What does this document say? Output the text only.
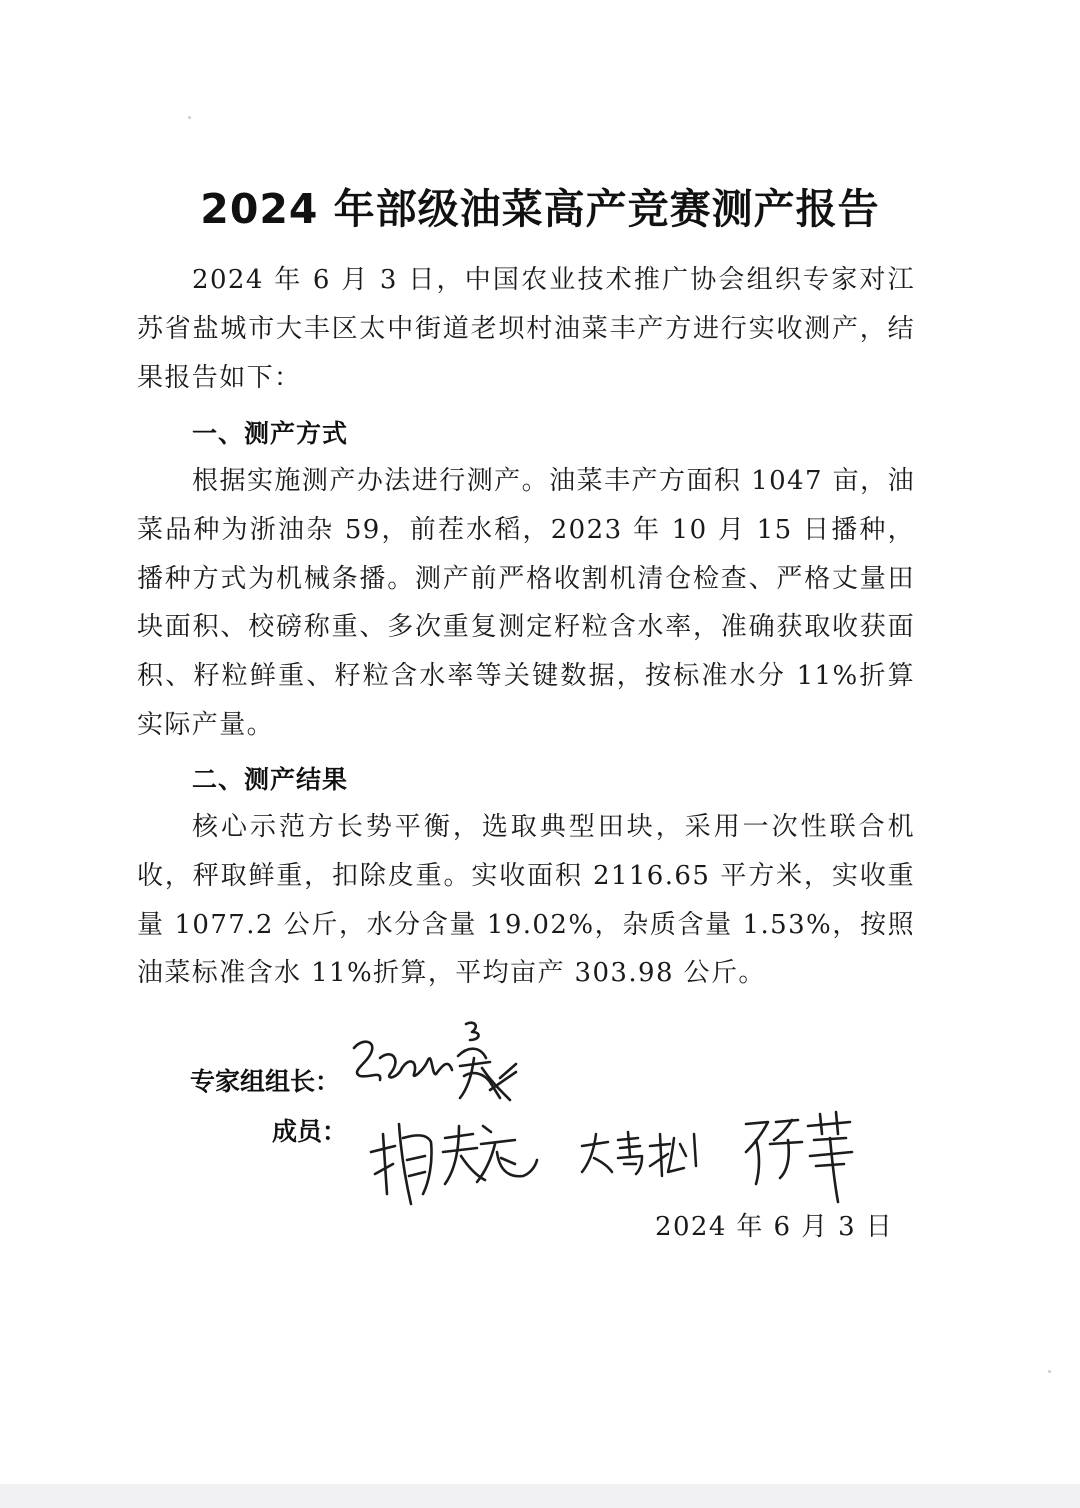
2024 年部级油菜高产竞赛测产报告

2024 年 6 月 3 日，中国农业技术推广协会组织专家对江苏省盐城市大丰区太中街道老坝村油菜丰产方进行实收测产，结果报告如下：

一、测产方式

根据实施测产办法进行测产。油菜丰产方面积 1047 亩，油菜品种为浙油杂 59，前茬水稻，2023 年 10 月 15 日播种，播种方式为机械条播。测产前严格收割机清仓检查、严格丈量田块面积、校磅称重、多次重复测定籽粒含水率，准确获取收获面积、籽粒鲜重、籽粒含水率等关键数据，按标准水分 11%折算实际产量。

二、测产结果

核心示范方长势平衡，选取典型田块，采用一次性联合机收，秤取鲜重，扣除皮重。实收面积 2116.65 平方米，实收重量 1077.2 公斤，水分含量 19.02%，杂质含量 1.53%，按照油菜标准含水 11%折算，平均亩产 303.98 公斤。

专家组组长：
成员：
2024 年 6 月 3 日
